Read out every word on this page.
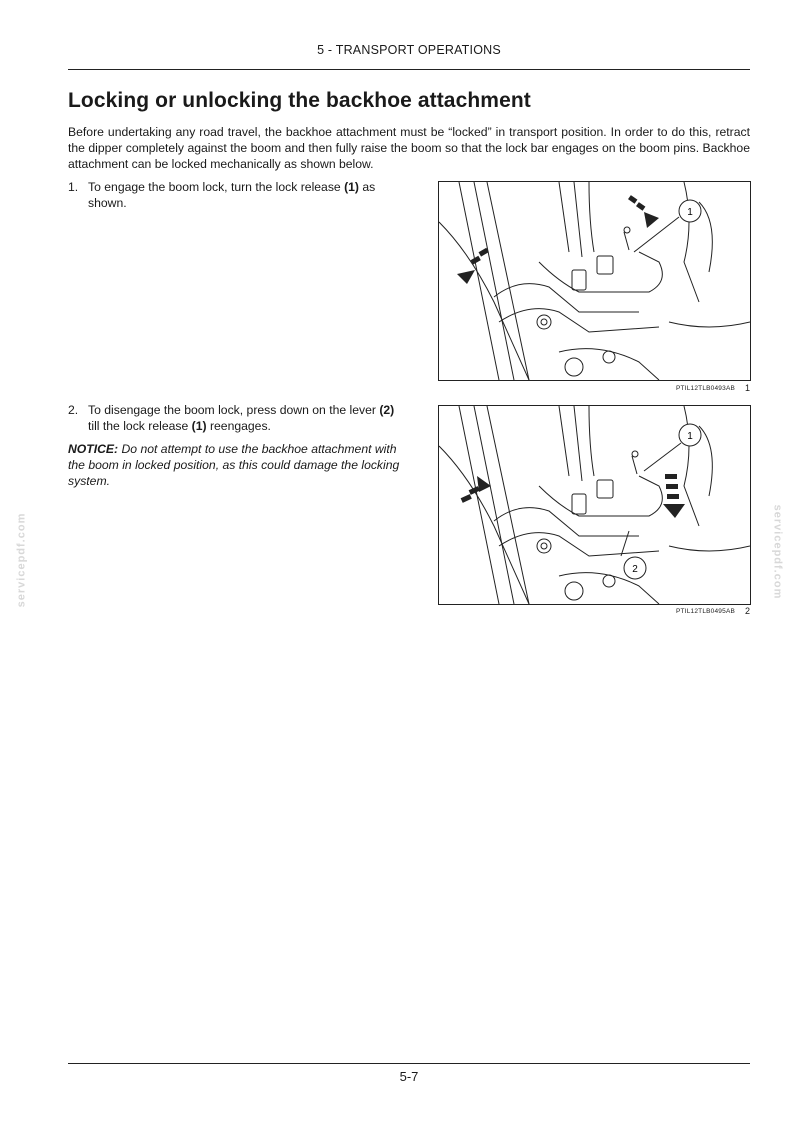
5 - TRANSPORT OPERATIONS
Locking or unlocking the backhoe attachment

Before undertaking any road travel, the backhoe attachment must be “locked” in transport position. In order to do this, retract the dipper completely against the boom and then fully raise the boom so that the lock bar engages on the boom pins. Backhoe attachment can be locked mechanically as shown below.

1. To engage the boom lock, turn the lock release (1) as shown.
2. To disengage the boom lock, press down on the lever (2) till the lock release (1) reengages.
NOTICE: Do not attempt to use the backhoe attachment with the boom in locked position, as this could damage the locking system.
1
PTIL12TLB0493AB 1
1
2
PTIL12TLB0495AB 2
servicepdf.com	servicepdf.com
5-7
